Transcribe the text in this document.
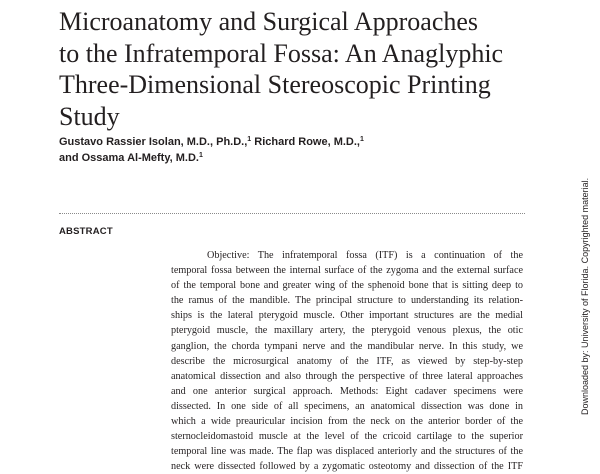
Microanatomy and Surgical Approaches
to the Infratemporal Fossa: An Anaglyphic
Three-Dimensional Stereoscopic Printing
Study
Gustavo Rassier Isolan, M.D., Ph.D.,$^1$ Richard Rowe, M.D.,$^1$
and Ossama Al-Mefty, M.D.$^1$
ABSTRACT
Objective: The infratemporal fossa (ITF) is a continuation of the
temporal fossa between the internal surface of the zygoma and the external surface
of the temporal bone and greater wing of the sphenoid bone that is sitting deep to
the ramus of the mandible. The principal structure to understanding its relation-
ships is the lateral pterygoid muscle. Other important structures are the medial
pterygoid muscle, the maxillary artery, the pterygoid venous plexus, the otic
ganglion, the chorda tympani nerve and the mandibular nerve. In this study, we
describe the microsurgical anatomy of the ITF, as viewed by step-by-step
anatomical dissection and also through the perspective of three lateral approaches
and one anterior surgical approach. Methods: Eight cadaver specimens were
dissected. In one side of all specimens, an anatomical dissection was done in
which a wide preauricular incision from the neck on the anterior border of the
sternocleidomastoid muscle at the level of the cricoid cartilage to the superior
temporal line was made. The flap was displaced anteriorly and the structures of the
neck were dissected followed by a zygomatic osteotomy and dissection of the ITF
Downloaded by: University of Florida. Copyrighted material.
